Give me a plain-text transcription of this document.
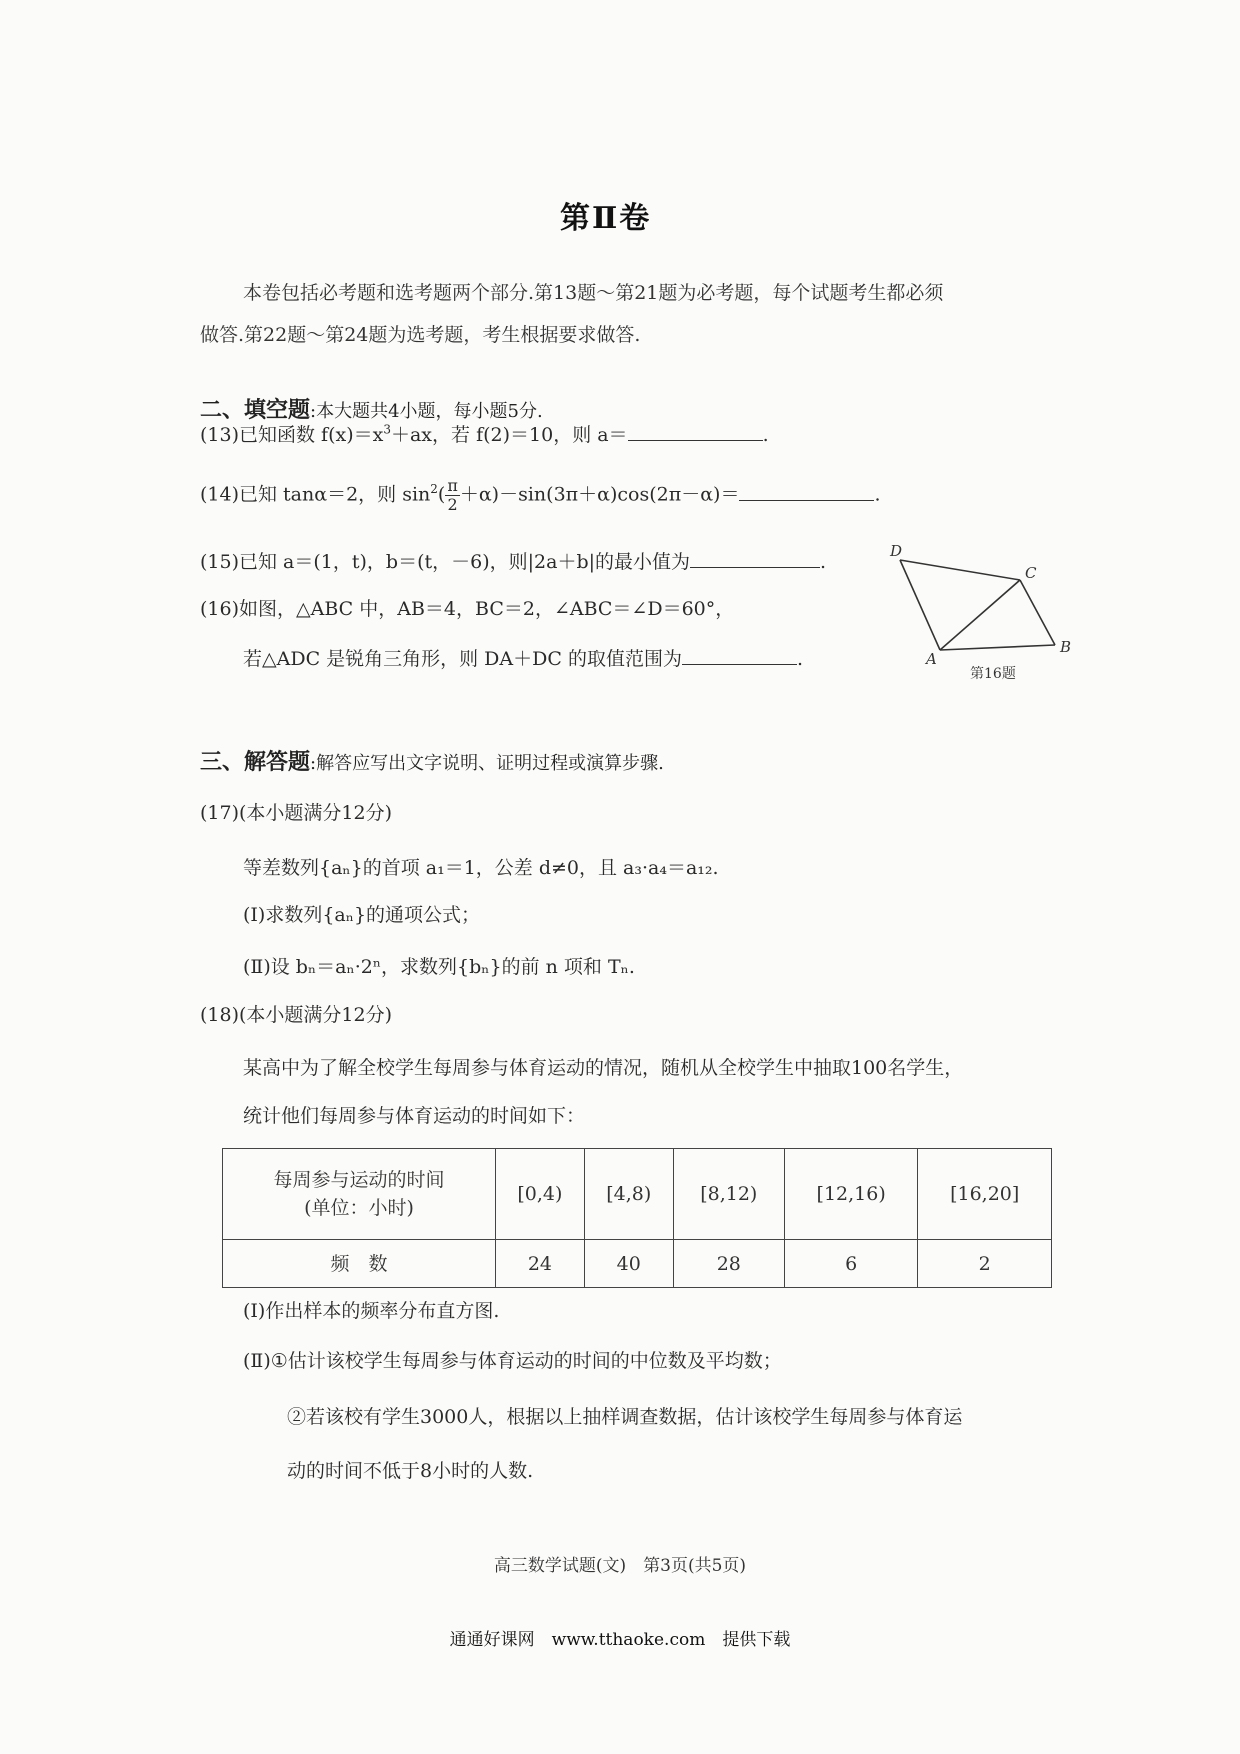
第Ⅱ卷
本卷包括必考题和选考题两个部分.第13题～第21题为必考题，每个试题考生都必须
做答.第22题～第24题为选考题，考生根据要求做答.
二、填空题:本大题共4小题，每小题5分.
(13)已知函数 $f(x)=x^3+ax$，若 f(2)＝10，则 a＝	.
(14)已知 tanα＝2，则 $\sin^2( \frac{\pi}{2} +\alpha)-\sin(3\pi+\alpha)\cos(2\pi-\alpha)=$	.
(15)已知 a＝(1，t)，b＝(t，－6)，则|2a＋b|的最小值为	.
(16)如图，△ABC 中，AB＝4，BC＝2，∠ABC＝∠D＝60°，
若△ADC 是锐角三角形，则 DA＋DC 的取值范围为	.
D
C
A
B
第16题
三、解答题:解答应写出文字说明、证明过程或演算步骤.
(17)(本小题满分12分)
等差数列{aₙ}的首项 a₁＝1，公差 d≠0，且 a₃·a₄＝a₁₂.
(Ⅰ)求数列{aₙ}的通项公式；
(Ⅱ)设 bₙ＝aₙ·2ⁿ，求数列{bₙ}的前 n 项和 Tₙ.
(18)(本小题满分12分)
某高中为了解全校学生每周参与体育运动的情况，随机从全校学生中抽取100名学生，
统计他们每周参与体育运动的时间如下：
每周参与运动的时间
(单位：小时)	[0,4)	[4,8)	[8,12)	[12,16)	[16,20]
频　数	24	40	28	6	2
(Ⅰ)作出样本的频率分布直方图.
(Ⅱ)①估计该校学生每周参与体育运动的时间的中位数及平均数；
②若该校有学生3000人，根据以上抽样调查数据，估计该校学生每周参与体育运
动的时间不低于8小时的人数.
高三数学试题(文)　第3页(共5页)
通通好课网　www.tthaoke.com　提供下载
